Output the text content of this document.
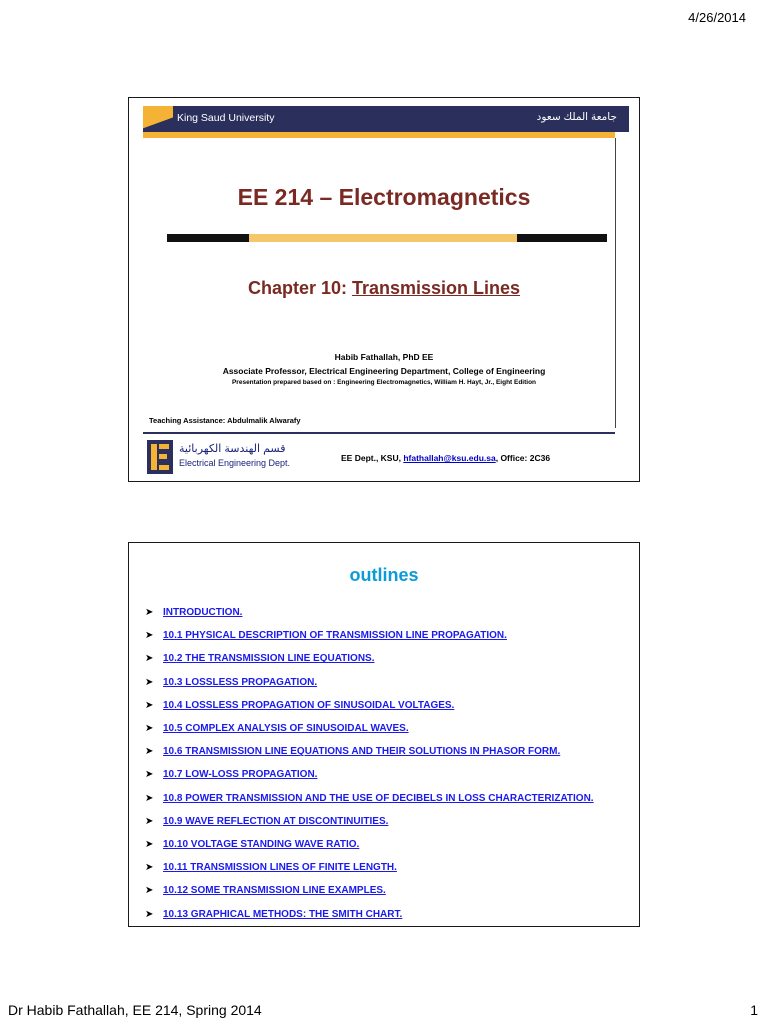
4/26/2014
King Saud University	جامعة الملك سعود
EE 214 – Electromagnetics
Chapter 10: Transmission Lines
Habib Fathallah, PhD EE
Associate Professor, Electrical Engineering Department, College of Engineering
Presentation prepared based on : Engineering Electromagnetics, William H. Hayt, Jr., Eight Edition
Teaching Assistance: Abdulmalik Alwarafy
قسم الهندسة الكهربائية
Electrical Engineering Dept.	EE Dept., KSU, hfathallah@ksu.edu.sa, Office: 2C36
outlines
➤ INTRODUCTION.
➤ 10.1 PHYSICAL DESCRIPTION OF TRANSMISSION LINE PROPAGATION.
➤ 10.2 THE TRANSMISSION LINE EQUATIONS.
➤ 10.3 LOSSLESS PROPAGATION.
➤ 10.4 LOSSLESS PROPAGATION OF SINUSOIDAL VOLTAGES.
➤ 10.5 COMPLEX ANALYSIS OF SINUSOIDAL WAVES.
➤ 10.6 TRANSMISSION LINE EQUATIONS AND THEIR SOLUTIONS IN PHASOR FORM.
➤ 10.7 LOW-LOSS PROPAGATION.
➤ 10.8 POWER TRANSMISSION AND THE USE OF DECIBELS IN LOSS CHARACTERIZATION.
➤ 10.9 WAVE REFLECTION AT DISCONTINUITIES.
➤ 10.10 VOLTAGE STANDING WAVE RATIO.
➤ 10.11 TRANSMISSION LINES OF FINITE LENGTH.
➤ 10.12 SOME TRANSMISSION LINE EXAMPLES.
➤ 10.13 GRAPHICAL METHODS: THE SMITH CHART.
Dr Habib Fathallah, EE 214, Spring 2014	1
